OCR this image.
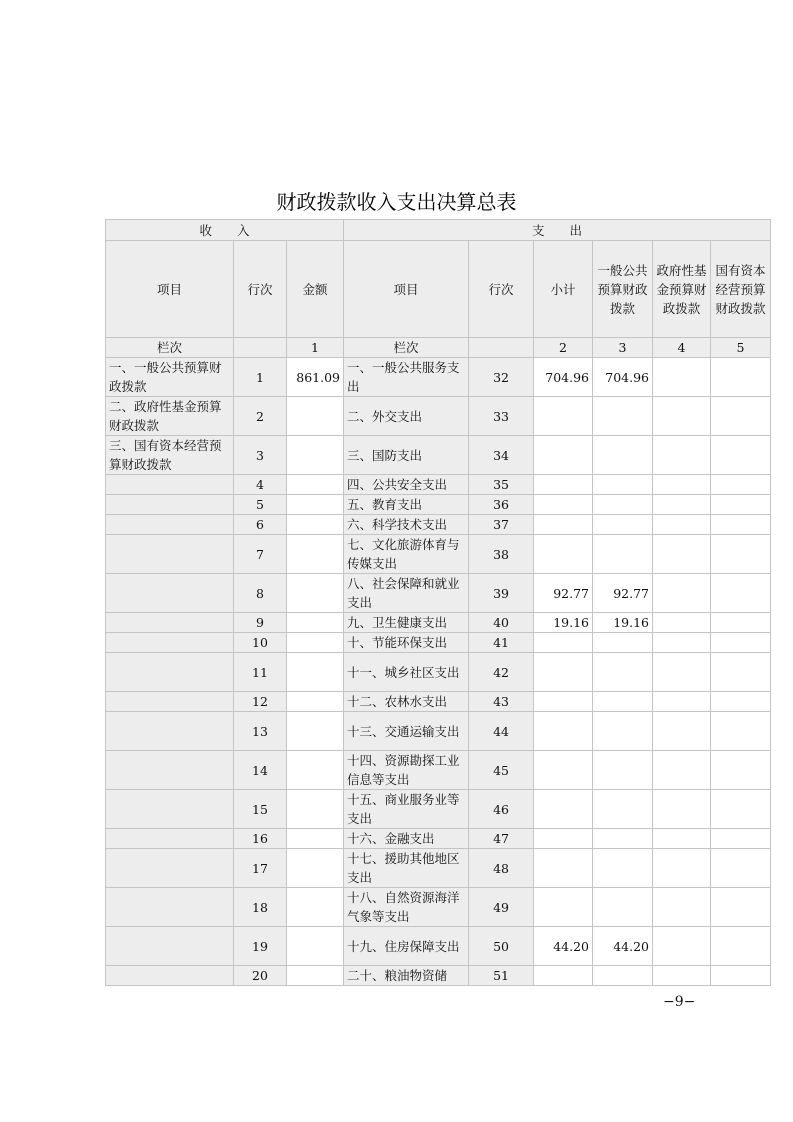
财政拨款收入支出决算总表
收　　入			支　　出					
项目	行次	金额	项目	行次	小计	一般公共预算财政拨款	政府性基金预算财政拨款	国有资本经营预算财政拨款
栏次		1	栏次		2	3	4	5
一、一般公共预算财政拨款	1	861.09	一、一般公共服务支出	32	704.96	704.96		
二、政府性基金预算财政拨款	2		二、外交支出	33				
三、国有资本经营预算财政拨款	3		三、国防支出	34				
	4		四、公共安全支出	35				
	5		五、教育支出	36				
	6		六、科学技术支出	37				
	7		七、文化旅游体育与传媒支出	38				
	8		八、社会保障和就业支出	39	92.77	92.77		
	9		九、卫生健康支出	40	19.16	19.16		
	10		十、节能环保支出	41				
	11		十一、城乡社区支出	42				
	12		十二、农林水支出	43				
	13		十三、交通运输支出	44				
	14		十四、资源勘探工业信息等支出	45				
	15		十五、商业服务业等支出	46				
	16		十六、金融支出	47				
	17		十七、援助其他地区支出	48				
	18		十八、自然资源海洋气象等支出	49				
	19		十九、住房保障支出	50	44.20	44.20		
	20		二十、粮油物资储	51				
−9−
